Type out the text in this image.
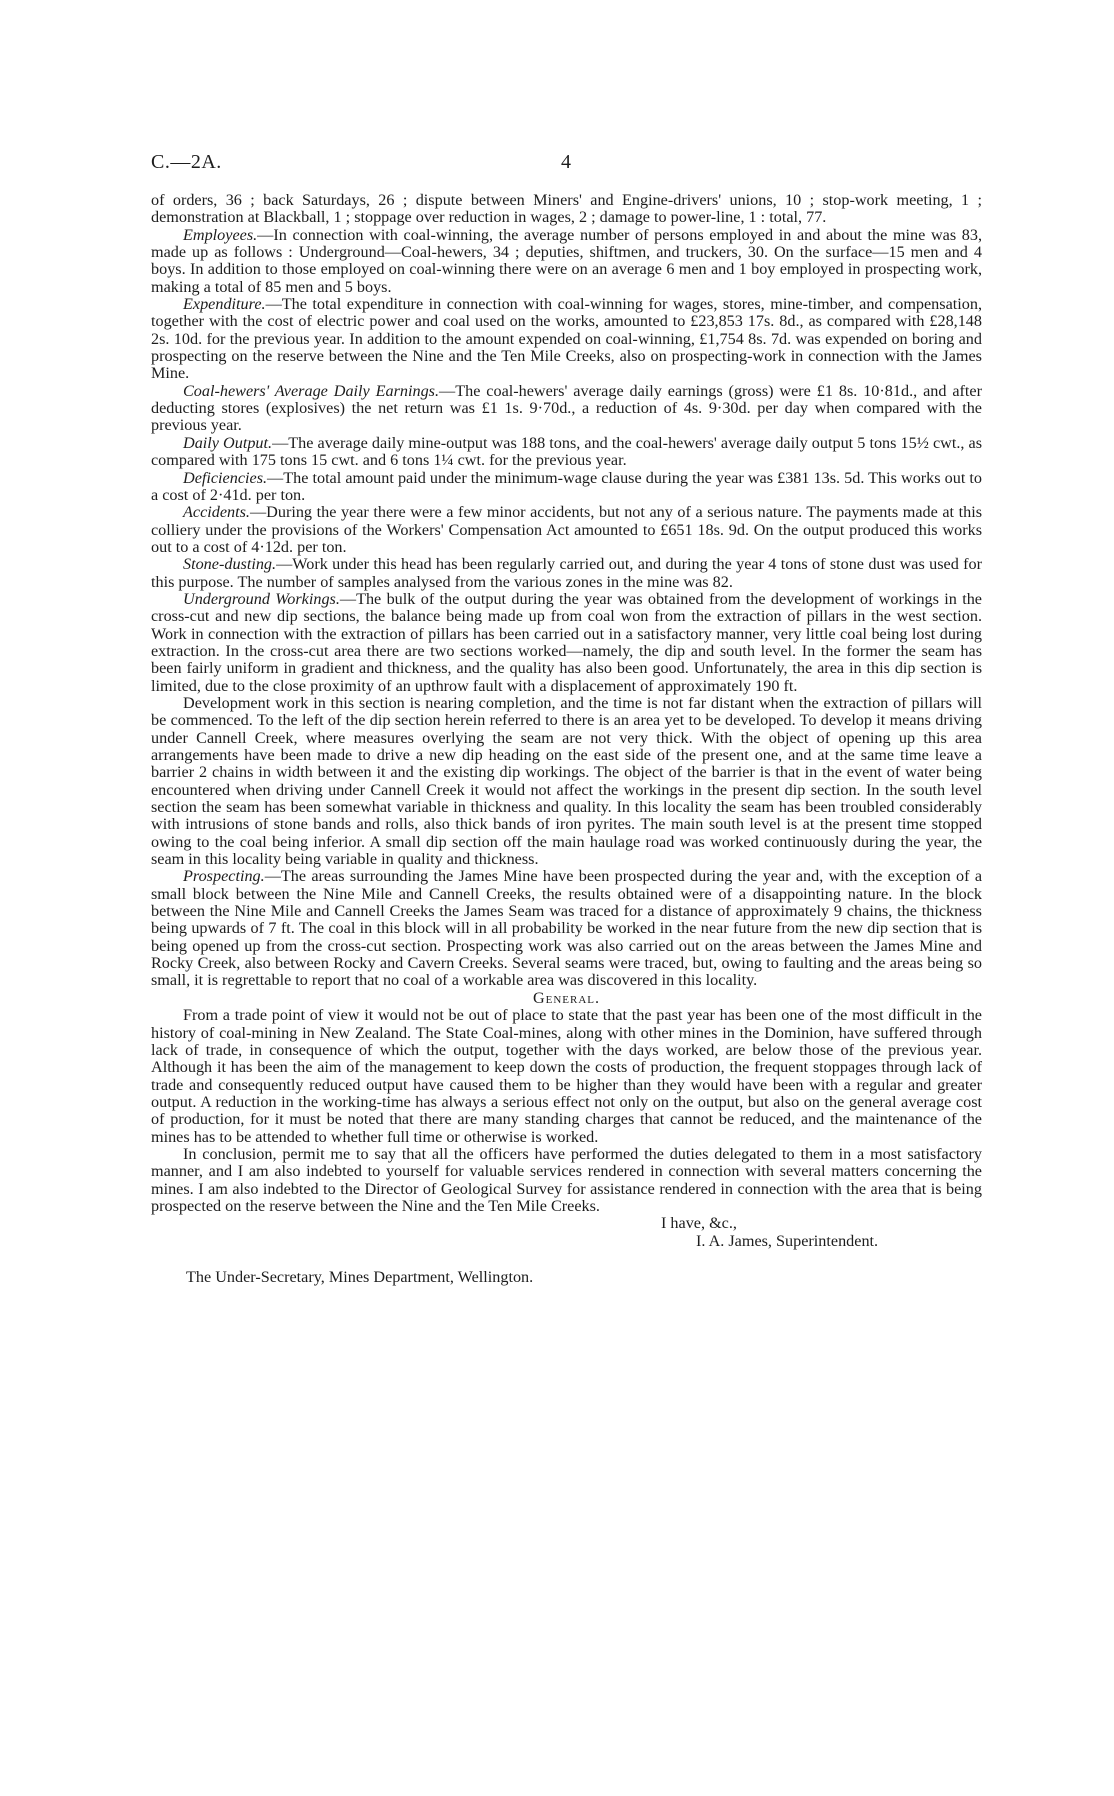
C.—2A.	4

of orders, 36 ; back Saturdays, 26 ; dispute between Miners' and Engine-drivers' unions, 10 ; stop-work meeting, 1 ; demonstration at Blackball, 1 ; stoppage over reduction in wages, 2 ; damage to power-line, 1 : total, 77.

Employees.—In connection with coal-winning, the average number of persons employed in and about the mine was 83, made up as follows : Underground—Coal-hewers, 34 ; deputies, shiftmen, and truckers, 30. On the surface—15 men and 4 boys. In addition to those employed on coal-winning there were on an average 6 men and 1 boy employed in prospecting work, making a total of 85 men and 5 boys.

Expenditure.—The total expenditure in connection with coal-winning for wages, stores, mine-timber, and compensation, together with the cost of electric power and coal used on the works, amounted to £23,853 17s. 8d., as compared with £28,148 2s. 10d. for the previous year. In addition to the amount expended on coal-winning, £1,754 8s. 7d. was expended on boring and prospecting on the reserve between the Nine and the Ten Mile Creeks, also on prospecting-work in connection with the James Mine.

Coal-hewers' Average Daily Earnings.—The coal-hewers' average daily earnings (gross) were £1 8s. 10·81d., and after deducting stores (explosives) the net return was £1 1s. 9·70d., a reduction of 4s. 9·30d. per day when compared with the previous year.

Daily Output.—The average daily mine-output was 188 tons, and the coal-hewers' average daily output 5 tons 15½ cwt., as compared with 175 tons 15 cwt. and 6 tons 1¼ cwt. for the previous year.

Deficiencies.—The total amount paid under the minimum-wage clause during the year was £381 13s. 5d. This works out to a cost of 2·41d. per ton.

Accidents.—During the year there were a few minor accidents, but not any of a serious nature. The payments made at this colliery under the provisions of the Workers' Compensation Act amounted to £651 18s. 9d. On the output produced this works out to a cost of 4·12d. per ton.

Stone-dusting.—Work under this head has been regularly carried out, and during the year 4 tons of stone dust was used for this purpose. The number of samples analysed from the various zones in the mine was 82.

Underground Workings.—The bulk of the output during the year was obtained from the development of workings in the cross-cut and new dip sections, the balance being made up from coal won from the extraction of pillars in the west section. Work in connection with the extraction of pillars has been carried out in a satisfactory manner, very little coal being lost during extraction. In the cross-cut area there are two sections worked—namely, the dip and south level. In the former the seam has been fairly uniform in gradient and thickness, and the quality has also been good. Unfortunately, the area in this dip section is limited, due to the close proximity of an upthrow fault with a displacement of approximately 190 ft.

Development work in this section is nearing completion, and the time is not far distant when the extraction of pillars will be commenced. To the left of the dip section herein referred to there is an area yet to be developed. To develop it means driving under Cannell Creek, where measures overlying the seam are not very thick. With the object of opening up this area arrangements have been made to drive a new dip heading on the east side of the present one, and at the same time leave a barrier 2 chains in width between it and the existing dip workings. The object of the barrier is that in the event of water being encountered when driving under Cannell Creek it would not affect the workings in the present dip section. In the south level section the seam has been somewhat variable in thickness and quality. In this locality the seam has been troubled considerably with intrusions of stone bands and rolls, also thick bands of iron pyrites. The main south level is at the present time stopped owing to the coal being inferior. A small dip section off the main haulage road was worked continuously during the year, the seam in this locality being variable in quality and thickness.

Prospecting.—The areas surrounding the James Mine have been prospected during the year and, with the exception of a small block between the Nine Mile and Cannell Creeks, the results obtained were of a disappointing nature. In the block between the Nine Mile and Cannell Creeks the James Seam was traced for a distance of approximately 9 chains, the thickness being upwards of 7 ft. The coal in this block will in all probability be worked in the near future from the new dip section that is being opened up from the cross-cut section. Prospecting work was also carried out on the areas between the James Mine and Rocky Creek, also between Rocky and Cavern Creeks. Several seams were traced, but, owing to faulting and the areas being so small, it is regrettable to report that no coal of a workable area was discovered in this locality.

General.

From a trade point of view it would not be out of place to state that the past year has been one of the most difficult in the history of coal-mining in New Zealand. The State Coal-mines, along with other mines in the Dominion, have suffered through lack of trade, in consequence of which the output, together with the days worked, are below those of the previous year. Although it has been the aim of the management to keep down the costs of production, the frequent stoppages through lack of trade and consequently reduced output have caused them to be higher than they would have been with a regular and greater output. A reduction in the working-time has always a serious effect not only on the output, but also on the general average cost of production, for it must be noted that there are many standing charges that cannot be reduced, and the maintenance of the mines has to be attended to whether full time or otherwise is worked.

In conclusion, permit me to say that all the officers have performed the duties delegated to them in a most satisfactory manner, and I am also indebted to yourself for valuable services rendered in connection with several matters concerning the mines. I am also indebted to the Director of Geological Survey for assistance rendered in connection with the area that is being prospected on the reserve between the Nine and the Ten Mile Creeks.

I have, &c.,
I. A. James, Superintendent.
The Under-Secretary, Mines Department, Wellington.
